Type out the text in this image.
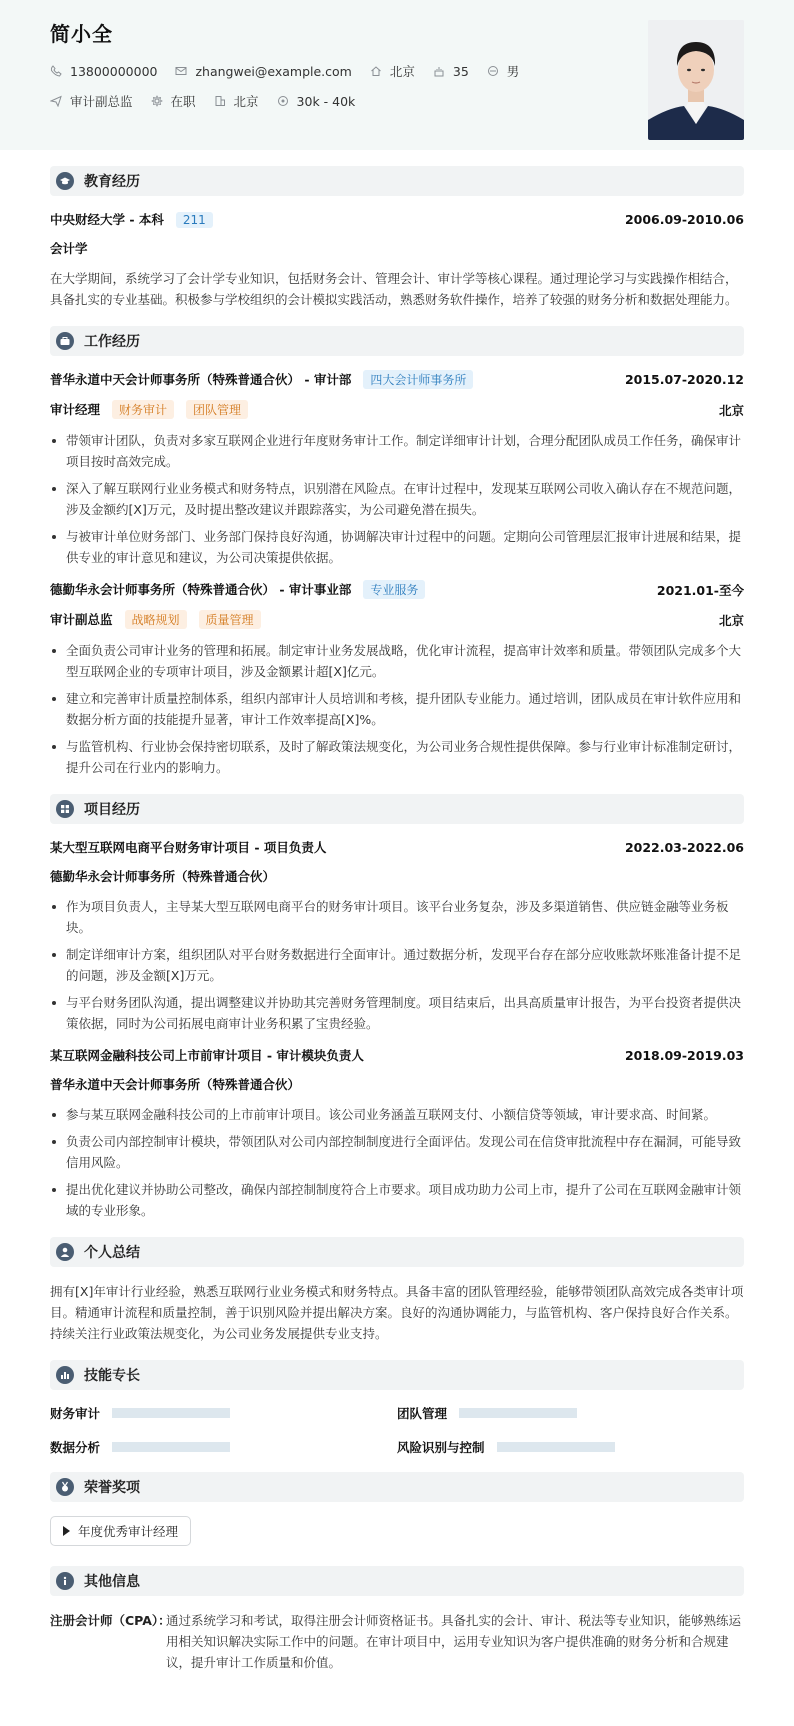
简小全
13800000000	zhangwei@example.com	北京	35	男
审计副总监	在职	北京	30k - 40k
教育经历
中央财经大学 - 本科 211	2006.09-2010.06
会计学
在大学期间，系统学习了会计学专业知识，包括财务会计、管理会计、审计学等核心课程。通过理论学习与实践操作相结合，具备扎实的专业基础。积极参与学校组织的会计模拟实践活动，熟悉财务软件操作，培养了较强的财务分析和数据处理能力。
工作经历
普华永道中天会计师事务所（特殊普通合伙） - 审计部 四大会计师事务所	2015.07-2020.12
审计经理 财务审计 团队管理	北京
带领审计团队，负责对多家互联网企业进行年度财务审计工作。制定详细审计计划，合理分配团队成员工作任务，确保审计项目按时高效完成。
深入了解互联网行业业务模式和财务特点，识别潜在风险点。在审计过程中，发现某互联网公司收入确认存在不规范问题，涉及金额约[X]万元，及时提出整改建议并跟踪落实，为公司避免潜在损失。
与被审计单位财务部门、业务部门保持良好沟通，协调解决审计过程中的问题。定期向公司管理层汇报审计进展和结果，提供专业的审计意见和建议，为公司决策提供依据。
德勤华永会计师事务所（特殊普通合伙） - 审计事业部 专业服务	2021.01-至今
审计副总监 战略规划 质量管理	北京
全面负责公司审计业务的管理和拓展。制定审计业务发展战略，优化审计流程，提高审计效率和质量。带领团队完成多个大型互联网企业的专项审计项目，涉及金额累计超[X]亿元。
建立和完善审计质量控制体系，组织内部审计人员培训和考核，提升团队专业能力。通过培训，团队成员在审计软件应用和数据分析方面的技能提升显著，审计工作效率提高[X]%。
与监管机构、行业协会保持密切联系，及时了解政策法规变化，为公司业务合规性提供保障。参与行业审计标准制定研讨，提升公司在行业内的影响力。
项目经历
某大型互联网电商平台财务审计项目 - 项目负责人	2022.03-2022.06
德勤华永会计师事务所（特殊普通合伙）
作为项目负责人，主导某大型互联网电商平台的财务审计项目。该平台业务复杂，涉及多渠道销售、供应链金融等业务板块。
制定详细审计方案，组织团队对平台财务数据进行全面审计。通过数据分析，发现平台存在部分应收账款坏账准备计提不足的问题，涉及金额[X]万元。
与平台财务团队沟通，提出调整建议并协助其完善财务管理制度。项目结束后，出具高质量审计报告，为平台投资者提供决策依据，同时为公司拓展电商审计业务积累了宝贵经验。
某互联网金融科技公司上市前审计项目 - 审计模块负责人	2018.09-2019.03
普华永道中天会计师事务所（特殊普通合伙）
参与某互联网金融科技公司的上市前审计项目。该公司业务涵盖互联网支付、小额信贷等领域，审计要求高、时间紧。
负责公司内部控制审计模块，带领团队对公司内部控制制度进行全面评估。发现公司在信贷审批流程中存在漏洞，可能导致信用风险。
提出优化建议并协助公司整改，确保内部控制制度符合上市要求。项目成功助力公司上市，提升了公司在互联网金融审计领域的专业形象。
个人总结
拥有[X]年审计行业经验，熟悉互联网行业业务模式和财务特点。具备丰富的团队管理经验，能够带领团队高效完成各类审计项目。精通审计流程和质量控制，善于识别风险并提出解决方案。良好的沟通协调能力，与监管机构、客户保持良好合作关系。持续关注行业政策法规变化，为公司业务发展提供专业支持。
技能专长
财务审计	团队管理
数据分析	风险识别与控制
荣誉奖项
年度优秀审计经理
其他信息
注册会计师（CPA）：
通过系统学习和考试，取得注册会计师资格证书。具备扎实的会计、审计、税法等专业知识，能够熟练运用相关知识解决实际工作中的问题。在审计项目中，运用专业知识为客户提供准确的财务分析和合规建议，提升审计工作质量和价值。
